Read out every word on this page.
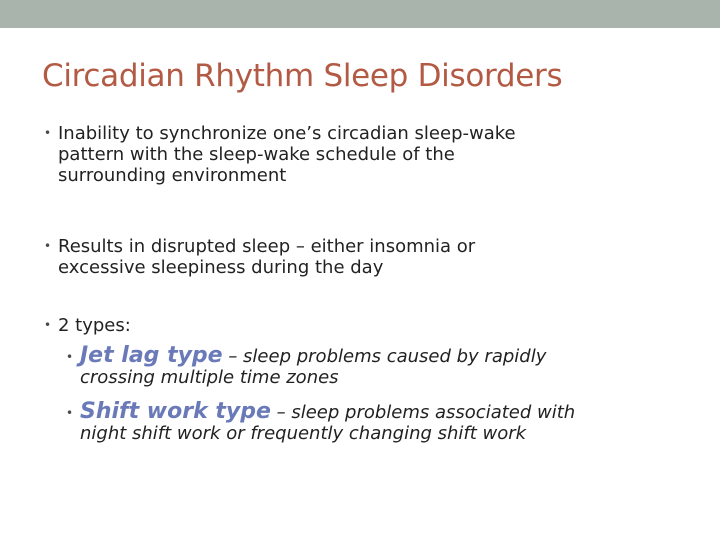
Circadian Rhythm Sleep Disorders
• Inability to synchronize one’s circadian sleep-wake
pattern with the sleep-wake schedule of the
surrounding environment
• Results in disrupted sleep – either insomnia or
excessive sleepiness during the day
• 2 types:
• Jet lag type – sleep problems caused by rapidly
crossing multiple time zones
• Shift work type – sleep problems associated with
night shift work or frequently changing shift work
